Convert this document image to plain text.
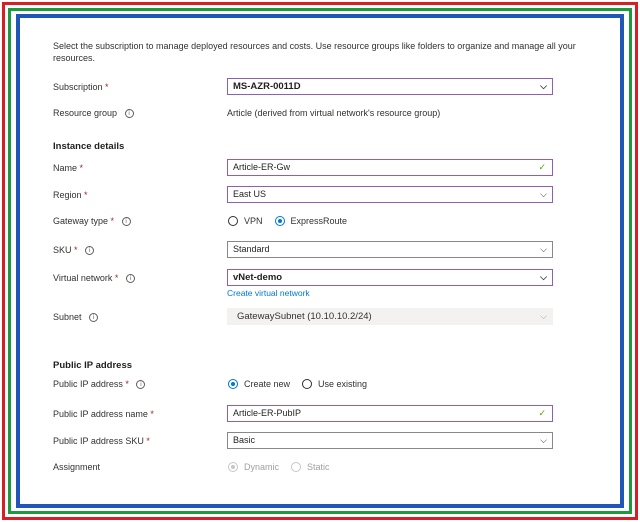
Select the subscription to manage deployed resources and costs. Use resource groups like folders to organize and manage all your resources.
Subscription *	MS-AZR-0011D	⌵
Resource group i	Article (derived from virtual network's resource group)
Instance details
Name *	Article-ER-Gw	✓
Region *	East US	⌵
Gateway type * i	VPN	ExpressRoute
SKU * i	Standard	⌵
Virtual network * i	vNet-demo	⌵
Create virtual network
Subnet i	GatewaySubnet (10.10.10.2/24)	⌵
Public IP address
Public IP address * i	Create new	Use existing
Public IP address name *	Article-ER-PubIP	✓
Public IP address SKU *	Basic	⌵
Assignment	Dynamic	Static
